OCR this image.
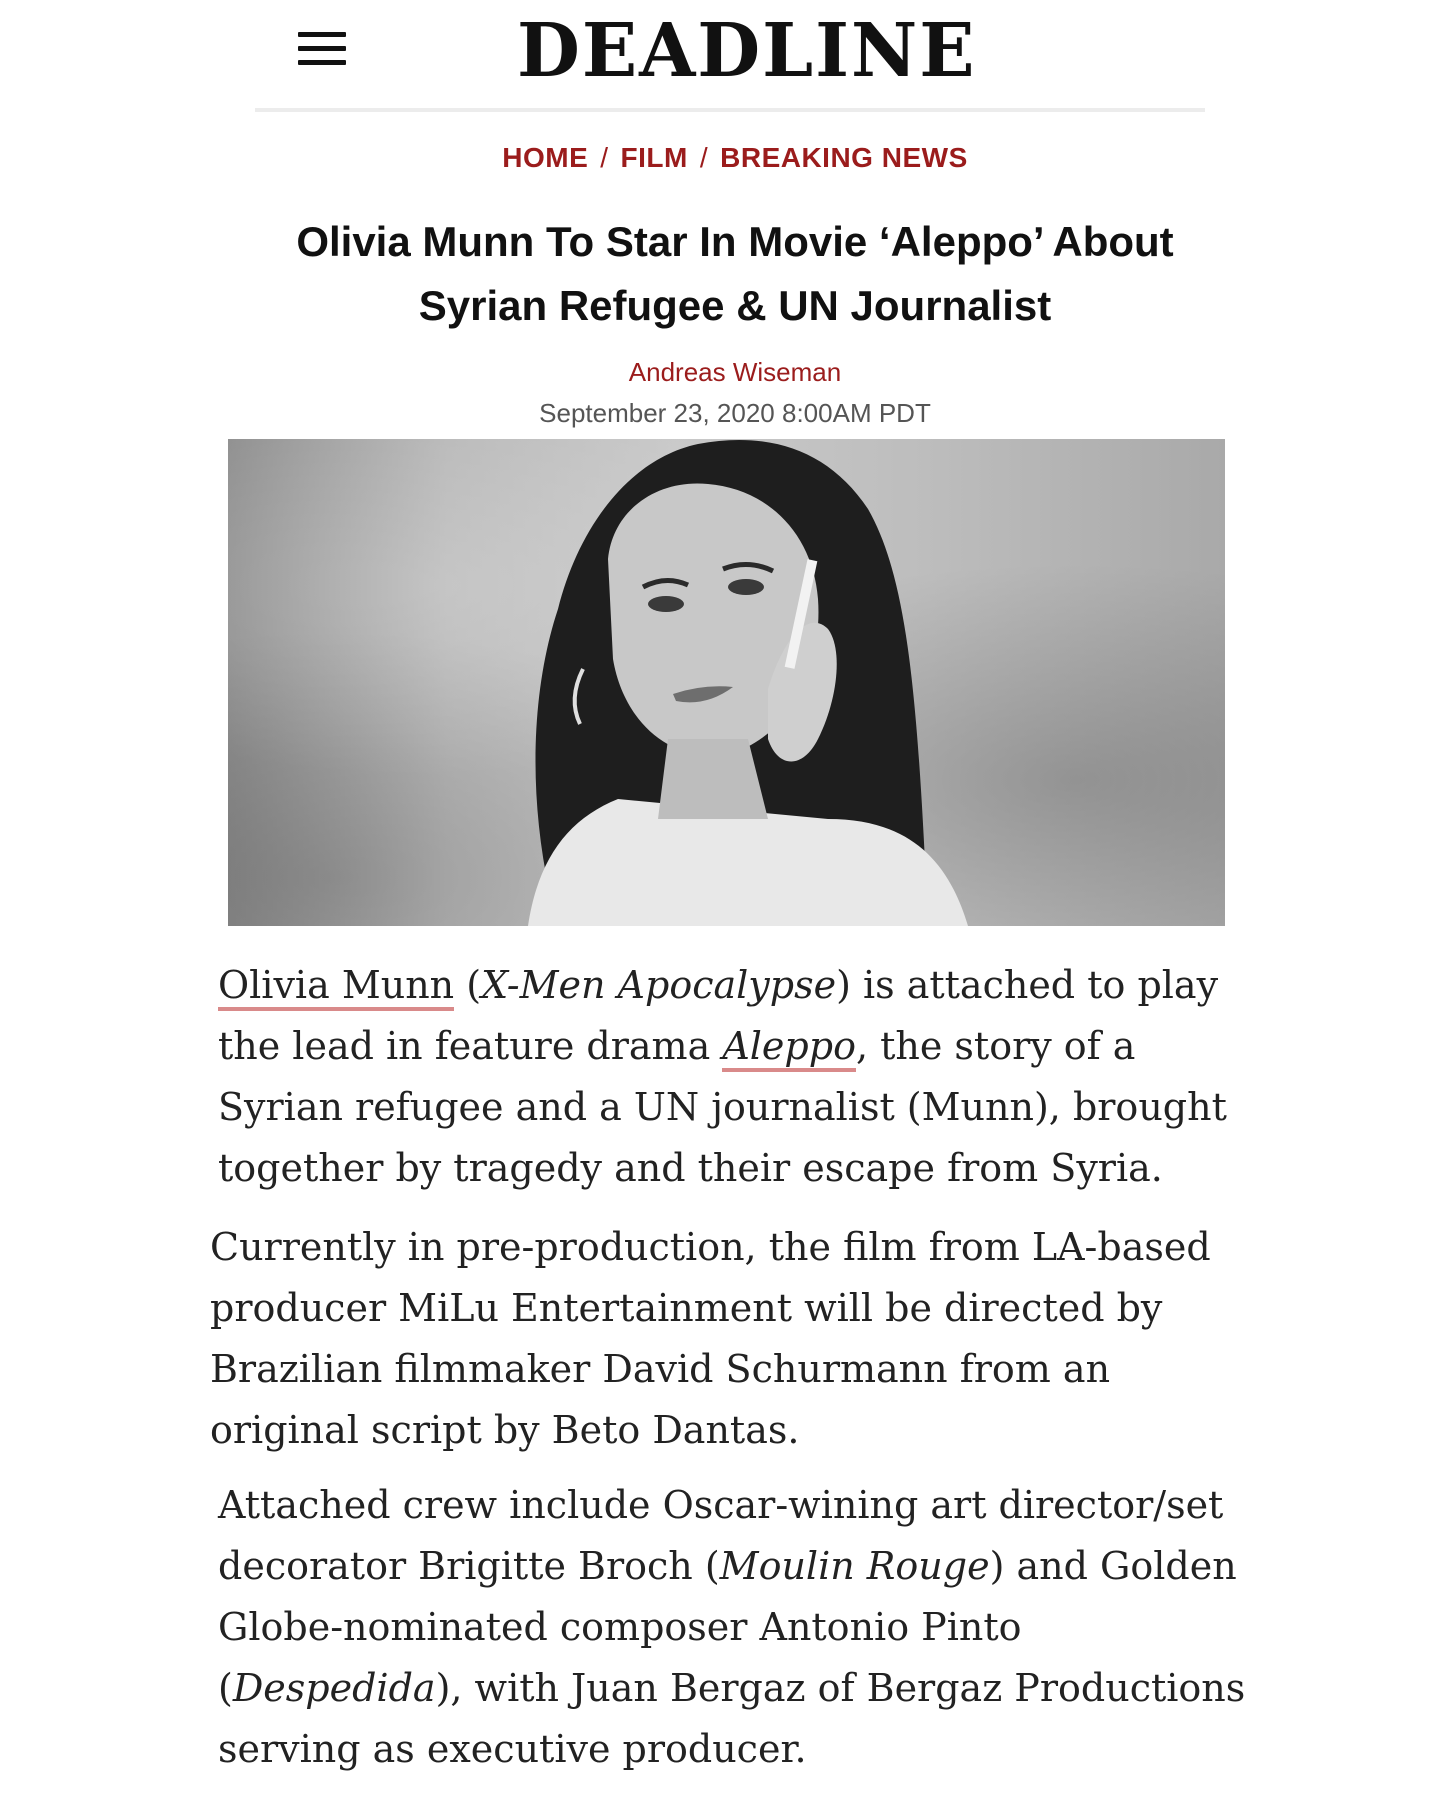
DEADLINE
HOME / FILM / BREAKING NEWS
Olivia Munn To Star In Movie ‘Aleppo’ About Syrian Refugee & UN Journalist
Andreas Wiseman
September 23, 2020 8:00AM PDT

Olivia Munn (X-Men Apocalypse) is attached to play the lead in feature drama Aleppo, the story of a Syrian refugee and a UN journalist (Munn), brought together by tragedy and their escape from Syria.

Currently in pre-production, the film from LA-based producer MiLu Entertainment will be directed by Brazilian filmmaker David Schurmann from an original script by Beto Dantas.

Attached crew include Oscar-wining art director/set decorator Brigitte Broch (Moulin Rouge) and Golden Globe-nominated composer Antonio Pinto (Despedida), with Juan Bergaz of Bergaz Productions serving as executive producer.
